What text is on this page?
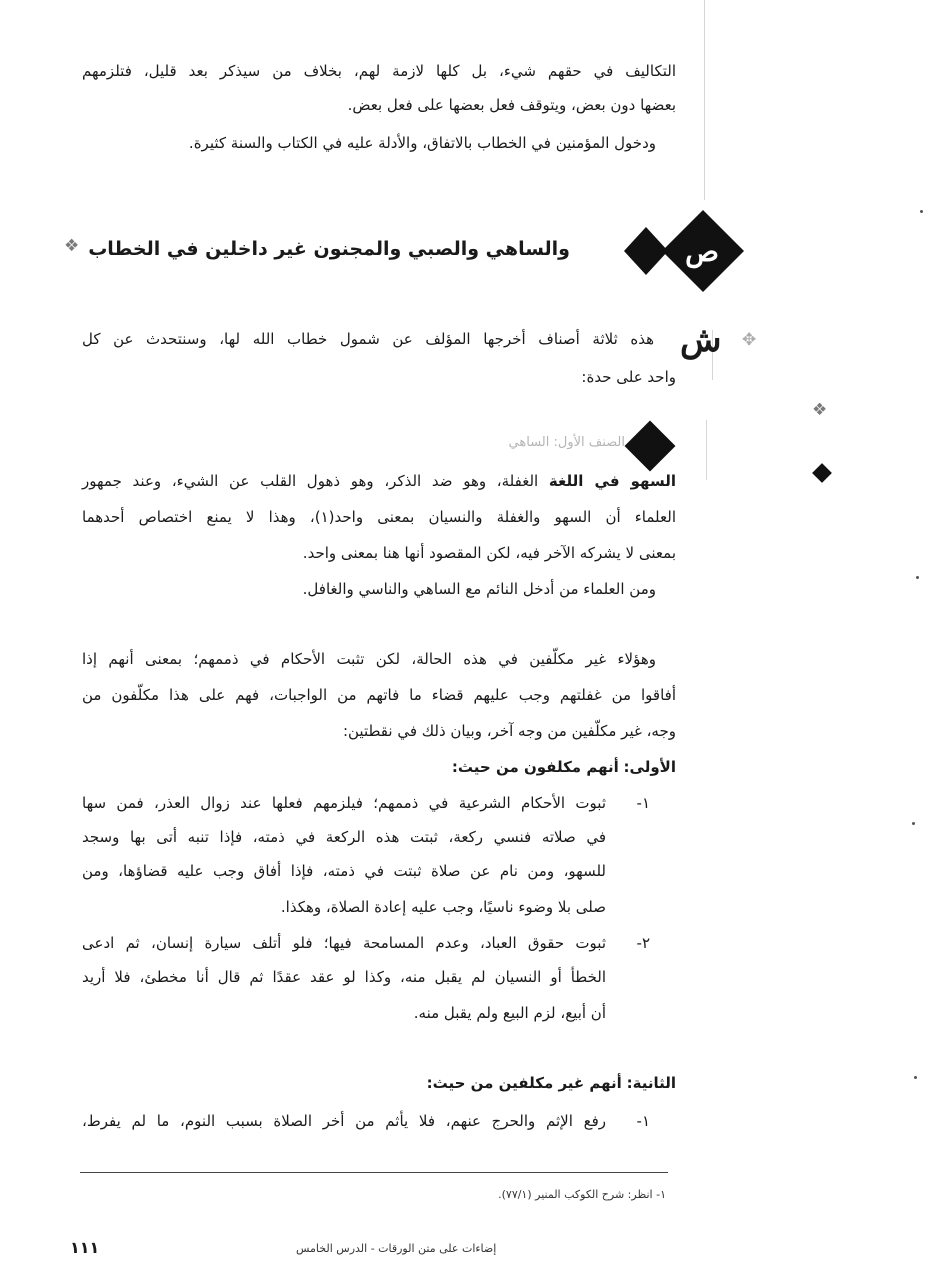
التكاليف في حقهم شيء، بل كلها لازمة لهم، بخلاف من سيذكر بعد قليل، فتلزمهم
بعضها دون بعض، ويتوقف فعل بعضها على فعل بعض.
ودخول المؤمنين في الخطاب بالاتفاق، والأدلة عليه في الكتاب والسنة كثيرة.
ص
والساهي والصبي والمجنون غير داخلين في الخطاب
❖
ش ✥
هذه ثلاثة أصناف أخرجها المؤلف عن شمول خطاب الله لها، وسنتحدث عن كل
واحد على حدة:
❖
الصنف الأول: الساهي
السهو في اللغة الغفلة، وهو ضد الذكر، وهو ذهول القلب عن الشيء، وعند جمهور
العلماء أن السهو والغفلة والنسيان بمعنى واحد(١)، وهذا لا يمنع اختصاص أحدهما
بمعنى لا يشركه الآخر فيه، لكن المقصود أنها هنا بمعنى واحد.
ومن العلماء من أدخل النائم مع الساهي والناسي والغافل.
وهؤلاء غير مكلّفين في هذه الحالة، لكن تثبت الأحكام في ذممهم؛ بمعنى أنهم إذا
أفاقوا من غفلتهم وجب عليهم قضاء ما فاتهم من الواجبات، فهم على هذا مكلّفون من
وجه، غير مكلّفين من وجه آخر، وبيان ذلك في نقطتين:
الأولى: أنهم مكلفون من حيث:
١-
ثبوت الأحكام الشرعية في ذممهم؛ فيلزمهم فعلها عند زوال العذر، فمن سها
في صلاته فنسي ركعة، ثبتت هذه الركعة في ذمته، فإذا تنبه أتى بها وسجد
للسهو، ومن نام عن صلاة ثبتت في ذمته، فإذا أفاق وجب عليه قضاؤها، ومن
صلى بلا وضوء ناسيًا، وجب عليه إعادة الصلاة، وهكذا.
٢-
ثبوت حقوق العباد، وعدم المسامحة فيها؛ فلو أتلف سيارة إنسان، ثم ادعى
الخطأ أو النسيان لم يقبل منه، وكذا لو عقد عقدًا ثم قال أنا مخطئ، فلا أريد
أن أبيع، لزم البيع ولم يقبل منه.
الثانية: أنهم غير مكلفين من حيث:
١-
رفع الإثم والحرج عنهم، فلا يأثم من أخر الصلاة بسبب النوم، ما لم يفرط،
١- انظر: شرح الكوكب المنير (٧٧/١).
١١١	إضاءات على متن الورقات - الدرس الخامس
